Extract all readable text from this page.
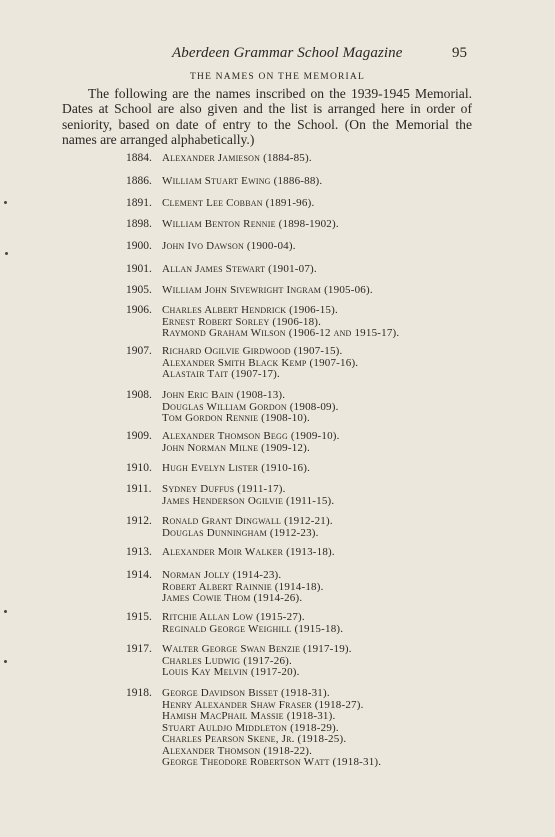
Aberdeen Grammar School Magazine	95
THE NAMES ON THE MEMORIAL

The following are the names inscribed on the 1939-1945 Memorial. Dates at School are also given and the list is arranged here in order of seniority, based on date of entry to the School. (On the Memorial the names are arranged alphabetically.)

1884. Alexander Jamieson (1884-85).
1886. William Stuart Ewing (1886-88).
1891. Clement Lee Cobban (1891-96).
1898. William Benton Rennie (1898-1902).
1900. John Ivo Dawson (1900-04).
1901. Allan James Stewart (1901-07).
1905. William John Sivewright Ingram (1905-06).
1906. Charles Albert Hendrick (1906-15).
Ernest Robert Sorley (1906-18).
Raymond Graham Wilson (1906-12 and 1915-17).
1907. Richard Ogilvie Girdwood (1907-15).
Alexander Smith Black Kemp (1907-16).
Alastair Tait (1907-17).
1908. John Eric Bain (1908-13).
Douglas William Gordon (1908-09).
Tom Gordon Rennie (1908-10).
1909. Alexander Thomson Begg (1909-10).
John Norman Milne (1909-12).
1910. Hugh Evelyn Lister (1910-16).
1911. Sydney Duffus (1911-17).
James Henderson Ogilvie (1911-15).
1912. Ronald Grant Dingwall (1912-21).
Douglas Dunningham (1912-23).
1913. Alexander Moir Walker (1913-18).
1914. Norman Jolly (1914-23).
Robert Albert Rainnie (1914-18).
James Cowie Thom (1914-26).
1915. Ritchie Allan Low (1915-27).
Reginald George Weighill (1915-18).
1917. Walter George Swan Benzie (1917-19).
Charles Ludwig (1917-26).
Louis Kay Melvin (1917-20).
1918. George Davidson Bisset (1918-31).
Henry Alexander Shaw Fraser (1918-27).
Hamish MacPhail Massie (1918-31).
Stuart Auldjo Middleton (1918-29).
Charles Pearson Skene, Jr. (1918-25).
Alexander Thomson (1918-22).
George Theodore Robertson Watt (1918-31).
